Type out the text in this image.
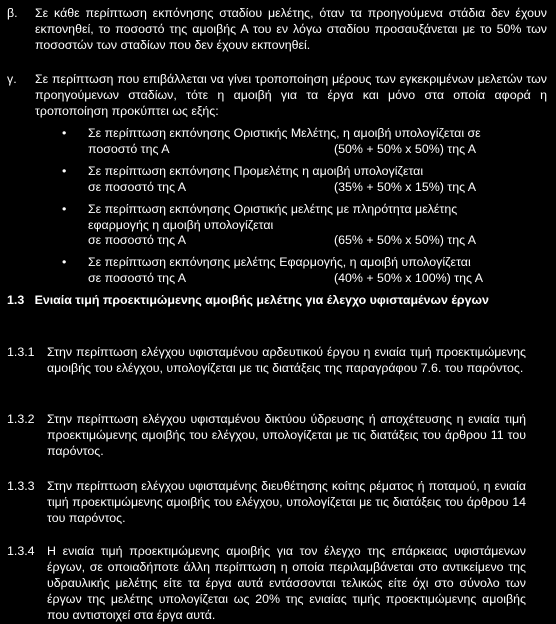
β. Σε κάθε περίπτωση εκπόνησης σταδίου μελέτης, όταν τα προηγούμενα στάδια δεν έχουν εκπονηθεί, το ποσοστό της αμοιβής Α του εν λόγω σταδίου προσαυξάνεται με το 50% των ποσοστών των σταδίων που δεν έχουν εκπονηθεί.
γ. Σε περίπτωση που επιβάλλεται να γίνει τροποποίηση μέρους των εγκεκριμένων μελετών των προηγούμενων σταδίων, τότε η αμοιβή για τα έργα και μόνο στα οποία αφορά η τροποποίηση προκύπτει ως εξής:
• Σε περίπτωση εκπόνησης Οριστικής Μελέτης, η αμοιβή υπολογίζεται σε
ποσοστό της Α	(50% + 50% x 50%) της Α
• Σε περίπτωση εκπόνησης Προμελέτης η αμοιβή υπολογίζεται
σε ποσοστό της Α	(35% + 50% x 15%) της Α
• Σε περίπτωση εκπόνησης Οριστικής μελέτης με πληρότητα μελέτης
εφαρμογής η αμοιβή υπολογίζεται
σε ποσοστό της Α	(65% + 50% x 50%) της Α
• Σε περίπτωση εκπόνησης μελέτης Εφαρμογής, η αμοιβή υπολογίζεται
σε ποσοστό της Α	(40% + 50% x 100%) της Α
1.3 Ενιαία τιμή προεκτιμώμενης αμοιβής μελέτης για έλεγχο υφισταμένων έργων
1.3.1 Στην περίπτωση ελέγχου υφισταμένου αρδευτικού έργου η ενιαία τιμή προεκτιμώμενης αμοιβής του ελέγχου, υπολογίζεται με τις διατάξεις της παραγράφου 7.6. του παρόντος.
1.3.2 Στην περίπτωση ελέγχου υφισταμένου δικτύου ύδρευσης ή αποχέτευσης η ενιαία τιμή προεκτιμώμενης αμοιβής του ελέγχου, υπολογίζεται με τις διατάξεις του άρθρου 11 του παρόντος.
1.3.3 Στην περίπτωση ελέγχου υφισταμένης διευθέτησης κοίτης ρέματος ή ποταμού, η ενιαία τιμή προεκτιμώμενης αμοιβής του ελέγχου, υπολογίζεται με τις διατάξεις του άρθρου 14 του παρόντος.
1.3.4 Η ενιαία τιμή προεκτιμώμενης αμοιβής για τον έλεγχο της επάρκειας υφιστάμενων έργων, σε οποιαδήποτε άλλη περίπτωση η οποία περιλαμβάνεται στο αντικείμενο της υδραυλικής μελέτης είτε τα έργα αυτά εντάσσονται τελικώς είτε όχι στο σύνολο των έργων της μελέτης υπολογίζεται ως 20% της ενιαίας τιμής προεκτιμώμενης αμοιβής που αντιστοιχεί στα έργα αυτά.
